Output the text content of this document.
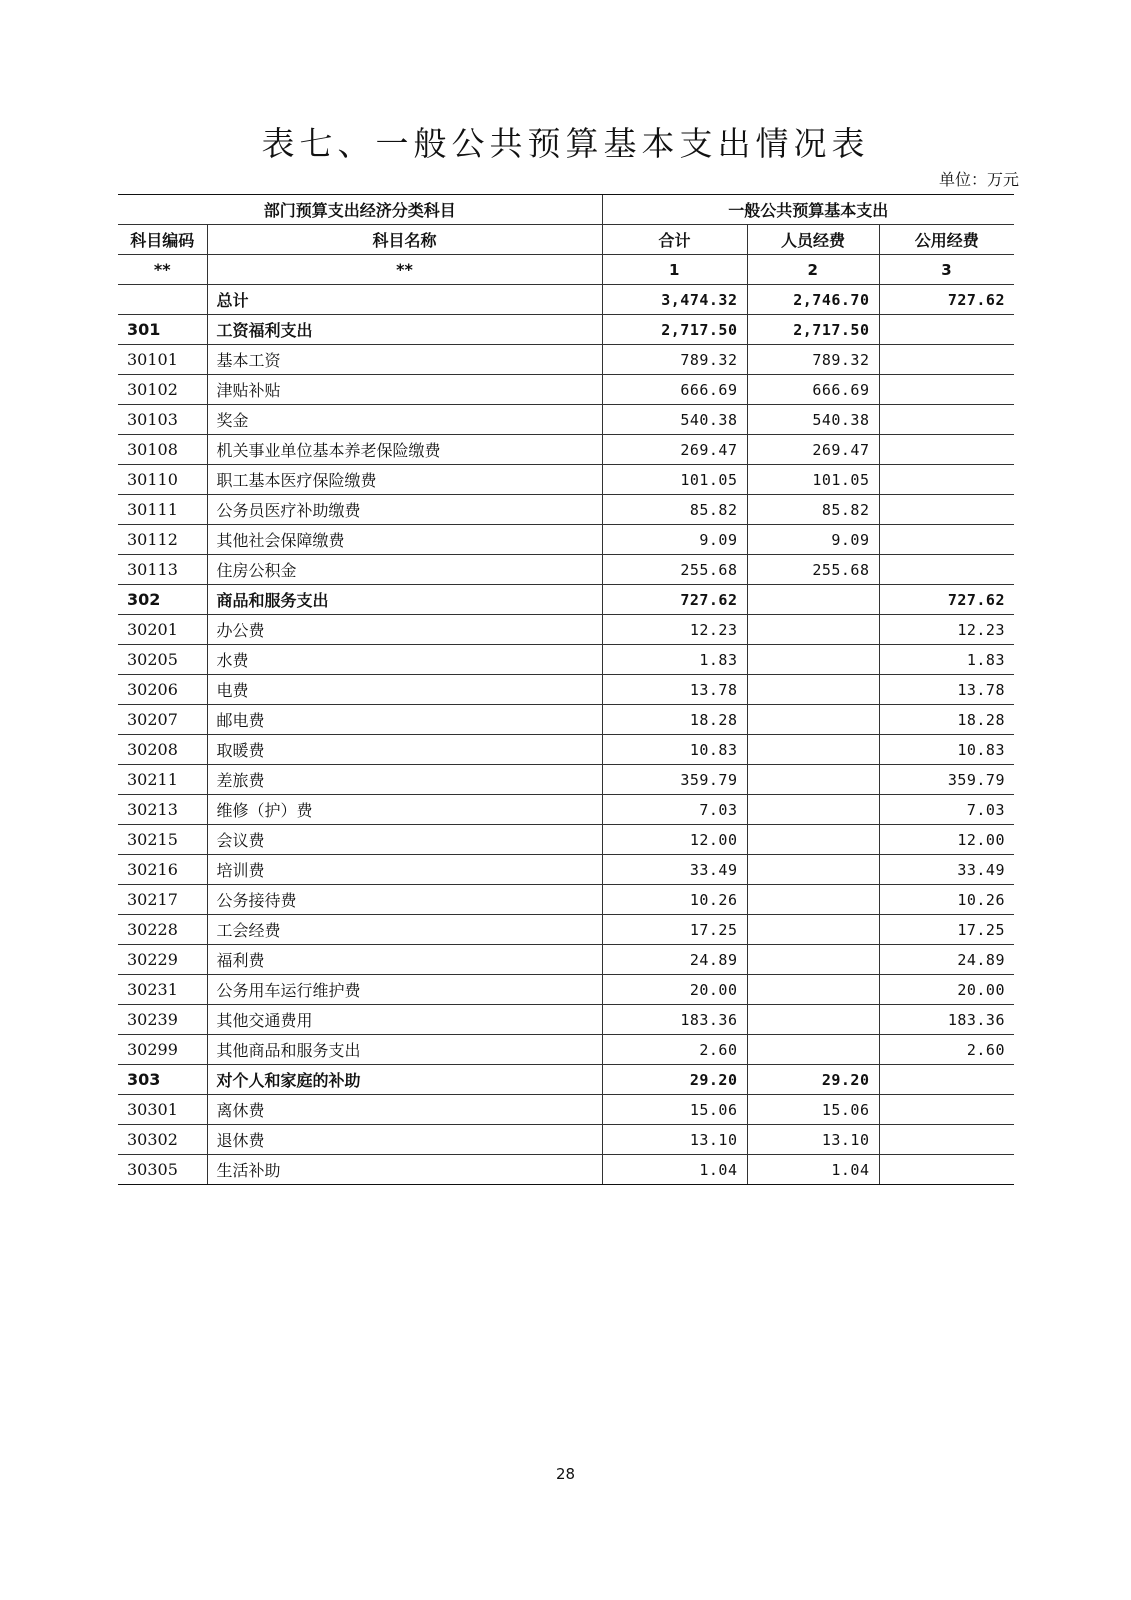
表七、一般公共预算基本支出情况表
单位：万元
部门预算支出经济分类科目		一般公共预算基本支出		
科目编码	科目名称	合计	人员经费	公用经费
**	**	1	2	3
	总计	3,474.32	2,746.70	727.62
301	工资福利支出	2,717.50	2,717.50	
30101	基本工资	789.32	789.32	
30102	津贴补贴	666.69	666.69	
30103	奖金	540.38	540.38	
30108	机关事业单位基本养老保险缴费	269.47	269.47	
30110	职工基本医疗保险缴费	101.05	101.05	
30111	公务员医疗补助缴费	85.82	85.82	
30112	其他社会保障缴费	9.09	9.09	
30113	住房公积金	255.68	255.68	
302	商品和服务支出	727.62		727.62
30201	办公费	12.23		12.23
30205	水费	1.83		1.83
30206	电费	13.78		13.78
30207	邮电费	18.28		18.28
30208	取暖费	10.83		10.83
30211	差旅费	359.79		359.79
30213	维修（护）费	7.03		7.03
30215	会议费	12.00		12.00
30216	培训费	33.49		33.49
30217	公务接待费	10.26		10.26
30228	工会经费	17.25		17.25
30229	福利费	24.89		24.89
30231	公务用车运行维护费	20.00		20.00
30239	其他交通费用	183.36		183.36
30299	其他商品和服务支出	2.60		2.60
303	对个人和家庭的补助	29.20	29.20	
30301	离休费	15.06	15.06	
30302	退休费	13.10	13.10	
30305	生活补助	1.04	1.04	
28
